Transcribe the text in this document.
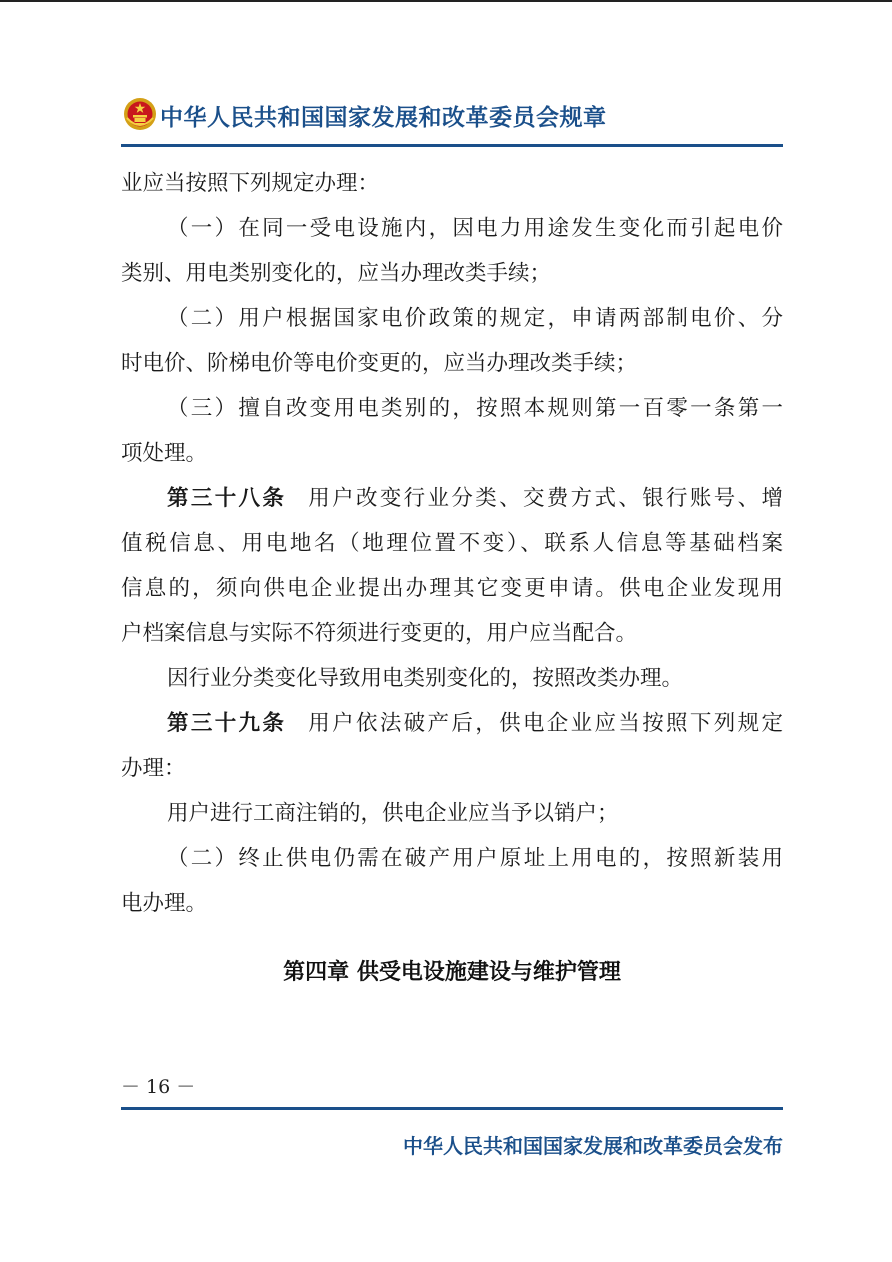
中华人民共和国国家发展和改革委员会规章
业应当按照下列规定办理：
（一）在同一受电设施内，因电力用途发生变化而引起电价
类别、用电类别变化的，应当办理改类手续；
（二）用户根据国家电价政策的规定，申请两部制电价、分
时电价、阶梯电价等电价变更的，应当办理改类手续；
（三）擅自改变用电类别的，按照本规则第一百零一条第一
项处理。
第三十八条 用户改变行业分类、交费方式、银行账号、增
值税信息、用电地名（地理位置不变）、联系人信息等基础档案
信息的，须向供电企业提出办理其它变更申请。供电企业发现用
户档案信息与实际不符须进行变更的，用户应当配合。
因行业分类变化导致用电类别变化的，按照改类办理。
第三十九条 用户依法破产后，供电企业应当按照下列规定
办理：
用户进行工商注销的，供电企业应当予以销户；
（二）终止供电仍需在破产用户原址上用电的，按照新装用
电办理。
第四章 供受电设施建设与维护管理
－ 16 －
中华人民共和国国家发展和改革委员会发布
